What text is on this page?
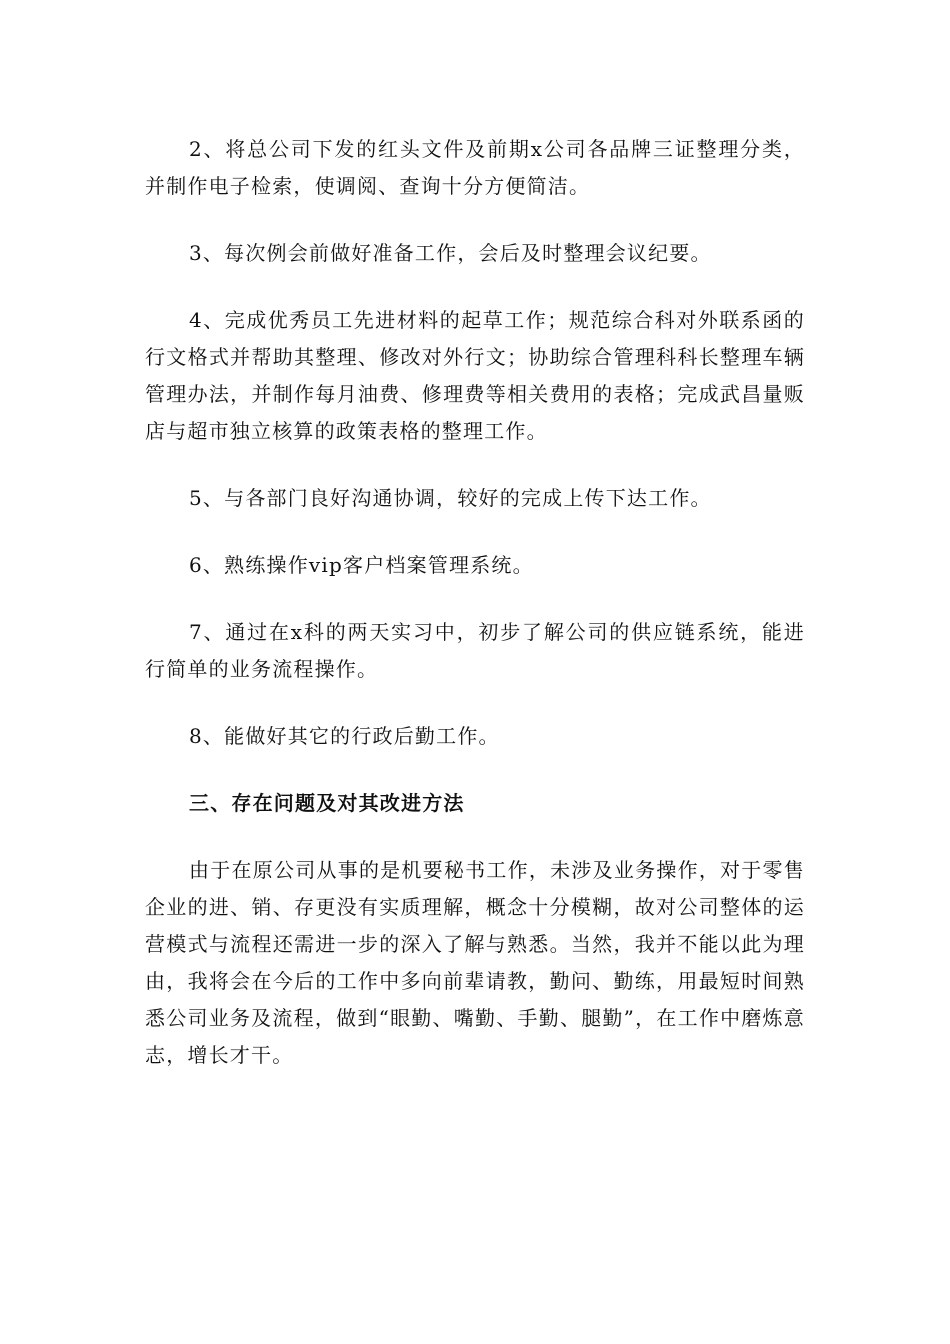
2、将总公司下发的红头文件及前期x公司各品牌三证整理分类，并制作电子检索，使调阅、查询十分方便简洁。

3、每次例会前做好准备工作，会后及时整理会议纪要。

4、完成优秀员工先进材料的起草工作；规范综合科对外联系函的行文格式并帮助其整理、修改对外行文；协助综合管理科科长整理车辆管理办法，并制作每月油费、修理费等相关费用的表格；完成武昌量贩店与超市独立核算的政策表格的整理工作。

5、与各部门良好沟通协调，较好的完成上传下达工作。

6、熟练操作vip客户档案管理系统。

7、通过在x科的两天实习中，初步了解公司的供应链系统，能进行简单的业务流程操作。

8、能做好其它的行政后勤工作。

三、存在问题及对其改进方法

由于在原公司从事的是机要秘书工作，未涉及业务操作，对于零售企业的进、销、存更没有实质理解，概念十分模糊，故对公司整体的运营模式与流程还需进一步的深入了解与熟悉。当然，我并不能以此为理由，我将会在今后的工作中多向前辈请教，勤问、勤练，用最短时间熟悉公司业务及流程，做到“眼勤、嘴勤、手勤、腿勤”，在工作中磨炼意志，增长才干。
